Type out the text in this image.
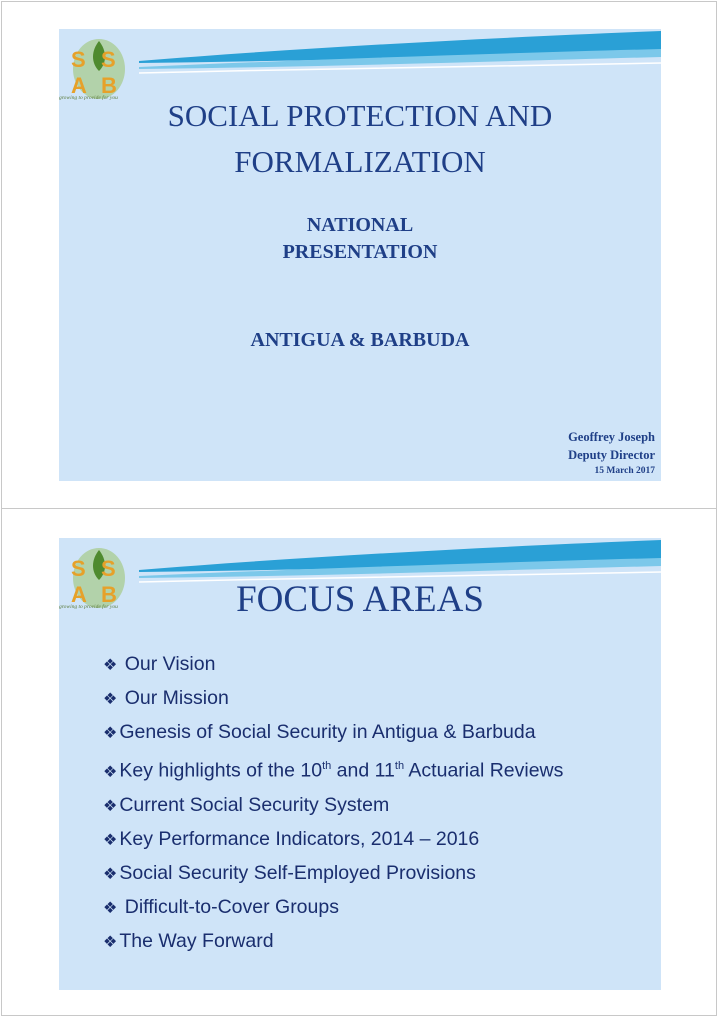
S S
A B
growing to provide for you	SOCIAL PROTECTION AND
FORMALIZATION
NATIONAL
PRESENTATION
ANTIGUA & BARBUDA
Geoffrey Joseph
Deputy Director
15 March 2017
S S
A B
growing to provide for you	FOCUS AREAS
❖ Our Vision
❖ Our Mission
❖ Genesis of Social Security in Antigua & Barbuda
❖ Key highlights of the 10th and 11th Actuarial Reviews
❖ Current Social Security System
❖ Key Performance Indicators, 2014 – 2016
❖ Social Security Self-Employed Provisions
❖ Difficult-to-Cover Groups
❖ The Way Forward
